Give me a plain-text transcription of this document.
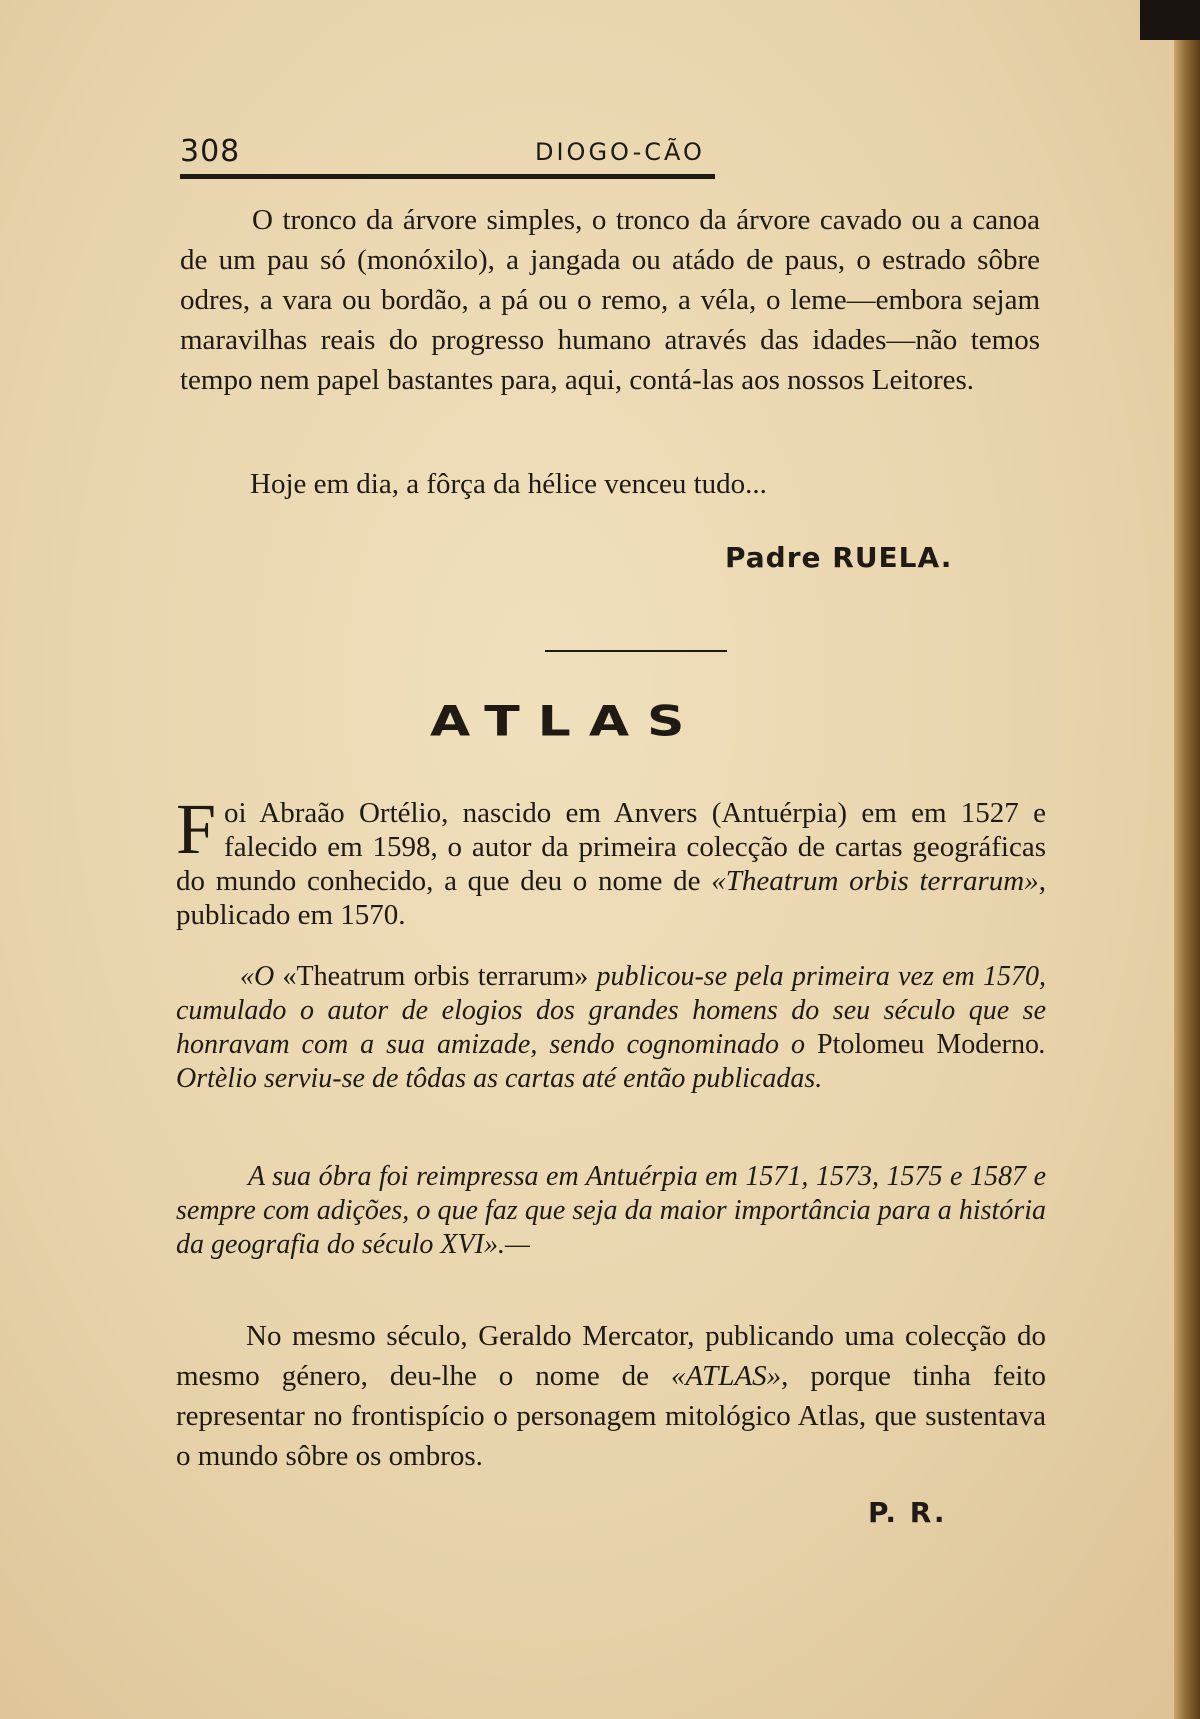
308	DIOGO-CÃO
O tronco da árvore simples, o tronco da árvore cavado ou a canoa de um pau só (monóxilo), a jangada ou atádo de paus, o estrado sôbre odres, a vara ou bordão, a pá ou o remo, a véla, o leme—embora sejam maravilhas reais do progresso humano através das idades—não temos tempo nem papel bastantes para, aqui, contá-las aos nossos Leitores.
Hoje em dia, a fôrça da hélice venceu tudo...
Padre RUELA.
ATLAS
Foi Abraão Ortélio, nascido em Anvers (Antuérpia) em em 1527 e falecido em 1598, o autor da primeira colecção de cartas geográficas do mundo conhecido, a que deu o nome de «Theatrum orbis terrarum», publicado em 1570.
«O «Theatrum orbis terrarum» publicou-se pela primeira vez em 1570, cumulado o autor de elogios dos grandes homens do seu século que se honravam com a sua amizade, sendo cognominado o Ptolomeu Moderno. Ortèlio serviu-se de tôdas as cartas até então publicadas.
A sua óbra foi reimpressa em Antuérpia em 1571, 1573, 1575 e 1587 e sempre com adições, o que faz que seja da maior importância para a história da geografia do século XVI».—
No mesmo século, Geraldo Mercator, publicando uma colecção do mesmo género, deu-lhe o nome de «ATLAS», porque tinha feito representar no frontispício o personagem mitológico Atlas, que sustentava o mundo sôbre os ombros.
P. R.
